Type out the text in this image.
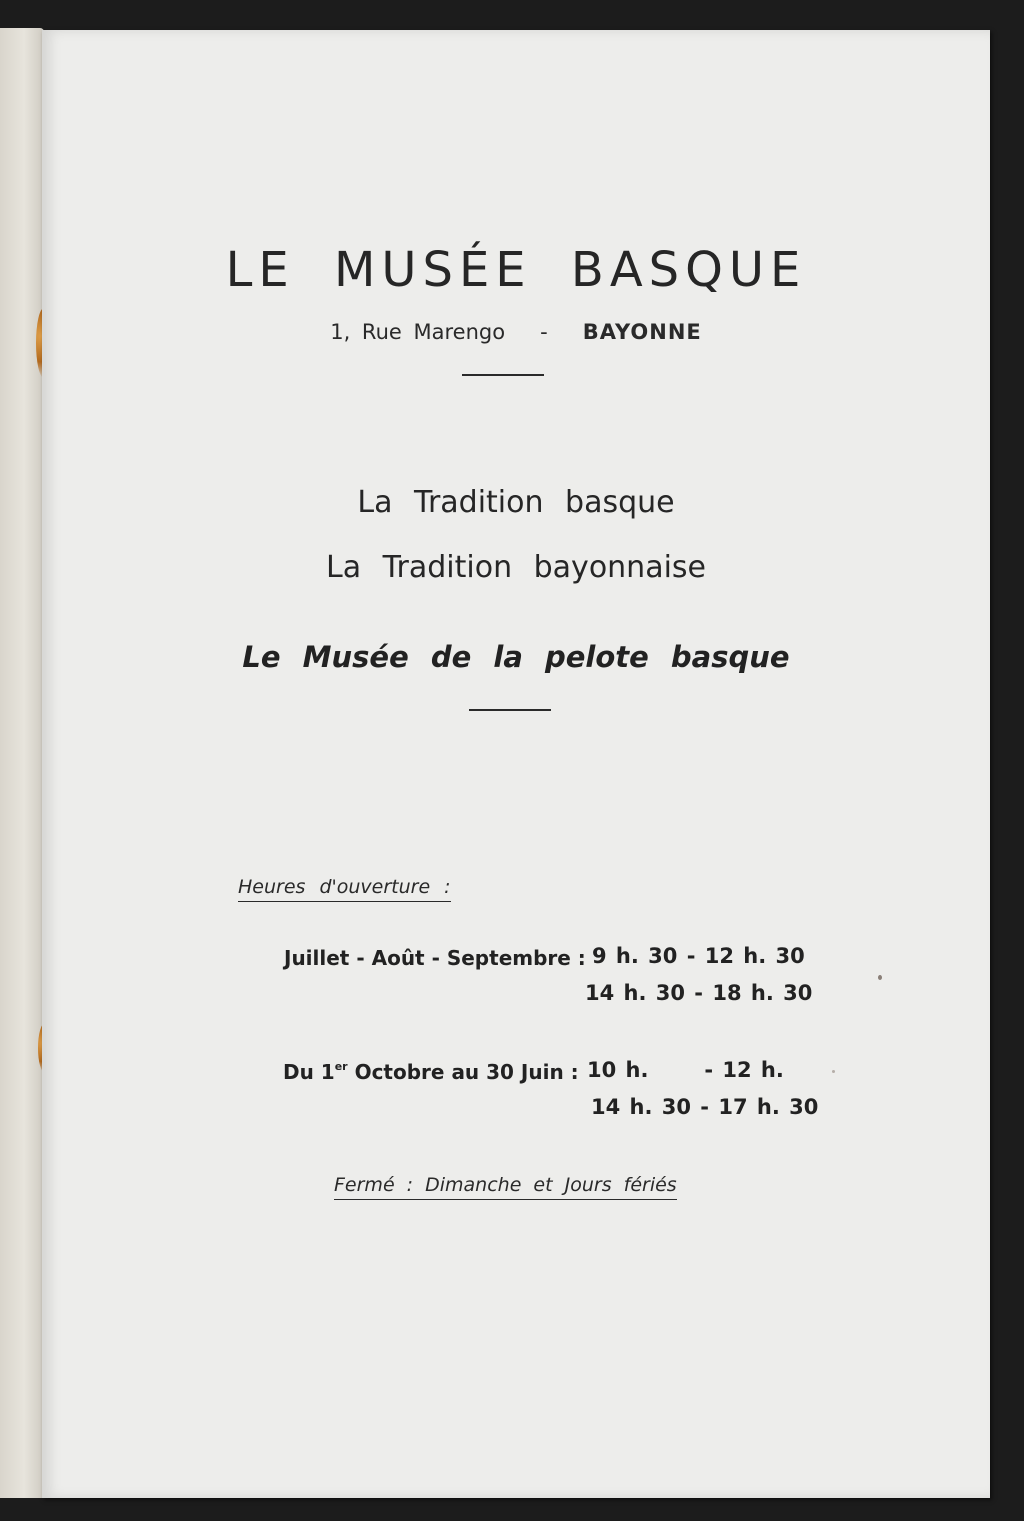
LE MUSÉE BASQUE
1, Rue Marengo - BAYONNE
La Tradition basque
La Tradition bayonnaise
Le Musée de la pelote basque
Heures d'ouverture :
Juillet - Août - Septembre : 9 h. 30 - 12 h. 30
14 h. 30 - 18 h. 30
Du 1er Octobre au 30 Juin : 10 h.      - 12 h.
14 h. 30 - 17 h. 30
Fermé : Dimanche et Jours fériés
